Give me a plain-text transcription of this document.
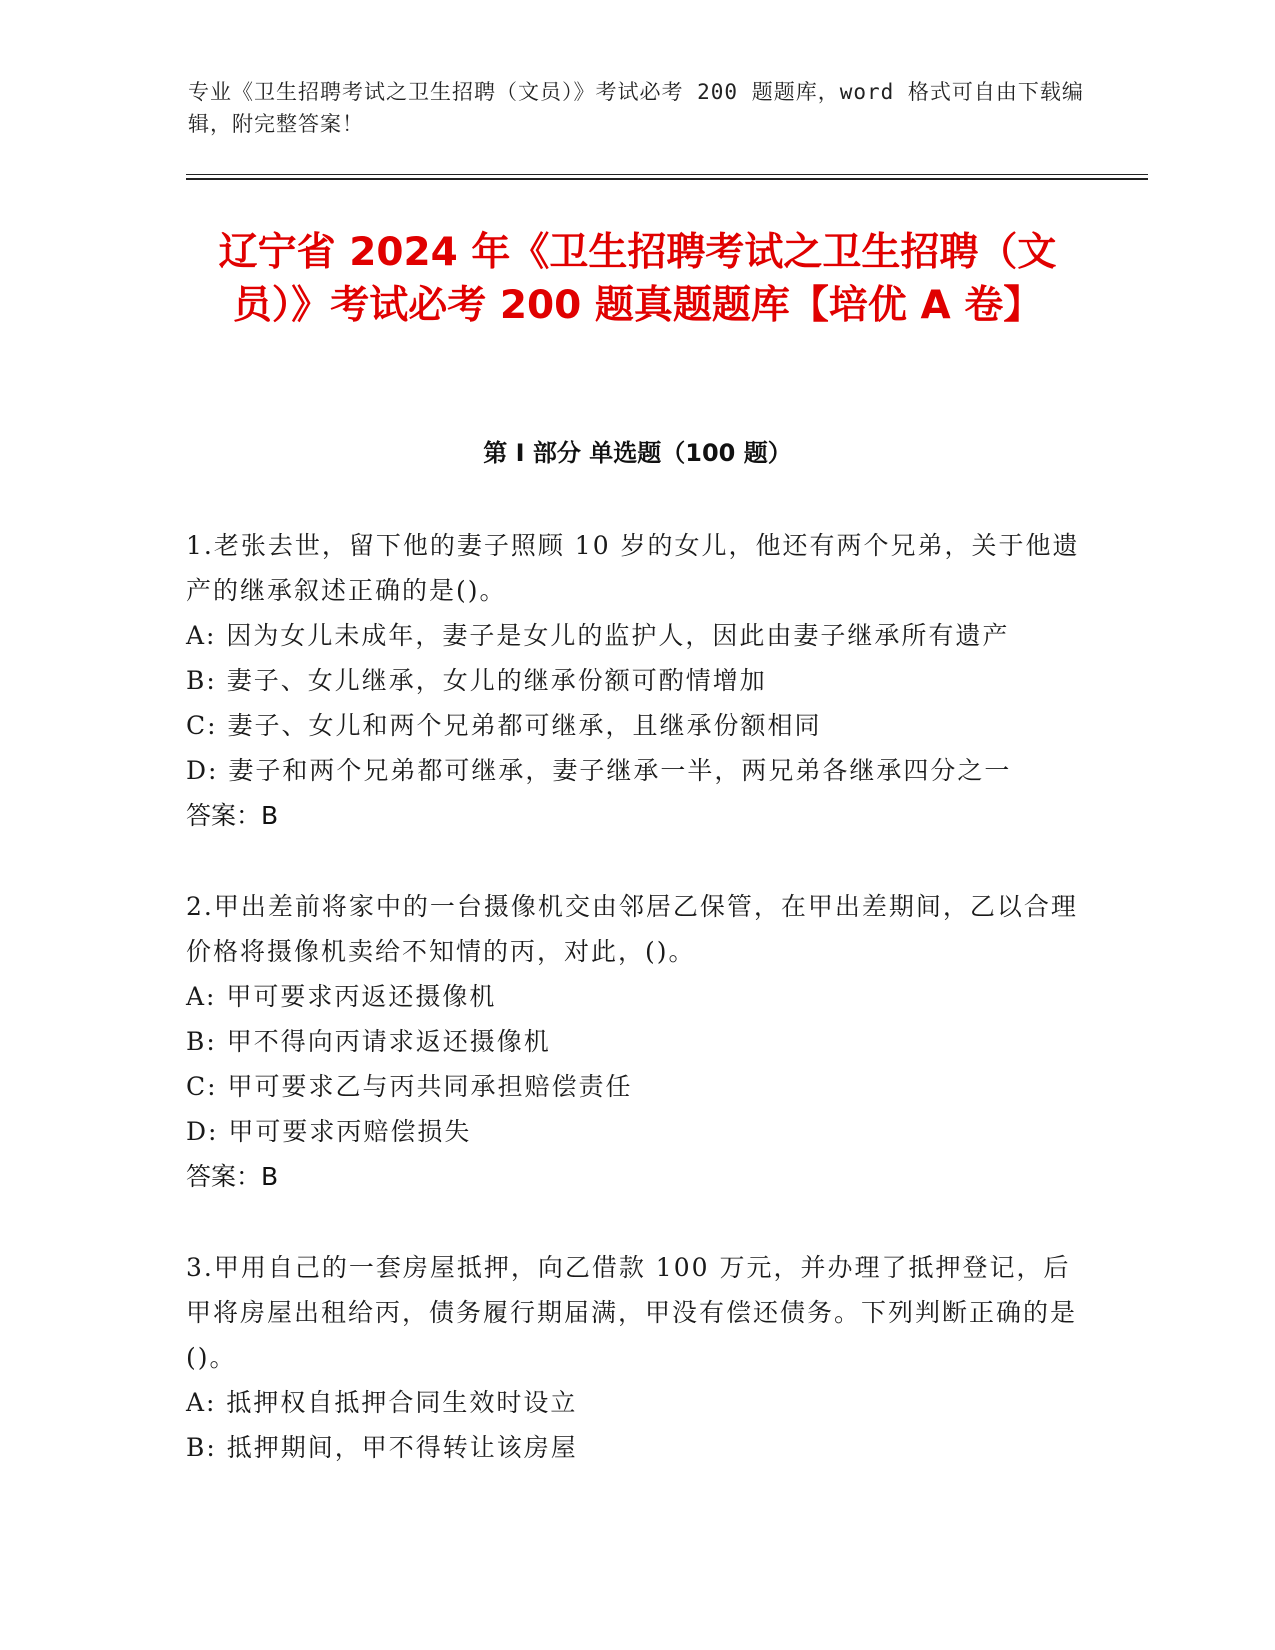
专业《卫生招聘考试之卫生招聘（文员）》考试必考 200 题题库，word 格式可自由下载编辑，附完整答案！
辽宁省 2024 年《卫生招聘考试之卫生招聘（文员）》考试必考 200 题真题题库【培优 A 卷】
第 I 部分 单选题（100 题）
1.老张去世，留下他的妻子照顾 10 岁的女儿，他还有两个兄弟，关于他遗产的继承叙述正确的是()。
A: 因为女儿未成年，妻子是女儿的监护人，因此由妻子继承所有遗产
B: 妻子、女儿继承，女儿的继承份额可酌情增加
C: 妻子、女儿和两个兄弟都可继承，且继承份额相同
D: 妻子和两个兄弟都可继承，妻子继承一半，两兄弟各继承四分之一
答案：B
2.甲出差前将家中的一台摄像机交由邻居乙保管，在甲出差期间，乙以合理价格将摄像机卖给不知情的丙，对此，()。
A: 甲可要求丙返还摄像机
B: 甲不得向丙请求返还摄像机
C: 甲可要求乙与丙共同承担赔偿责任
D: 甲可要求丙赔偿损失
答案：B
3.甲用自己的一套房屋抵押，向乙借款 100 万元，并办理了抵押登记，后甲将房屋出租给丙，债务履行期届满，甲没有偿还债务。下列判断正确的是()。
A: 抵押权自抵押合同生效时设立
B: 抵押期间，甲不得转让该房屋
